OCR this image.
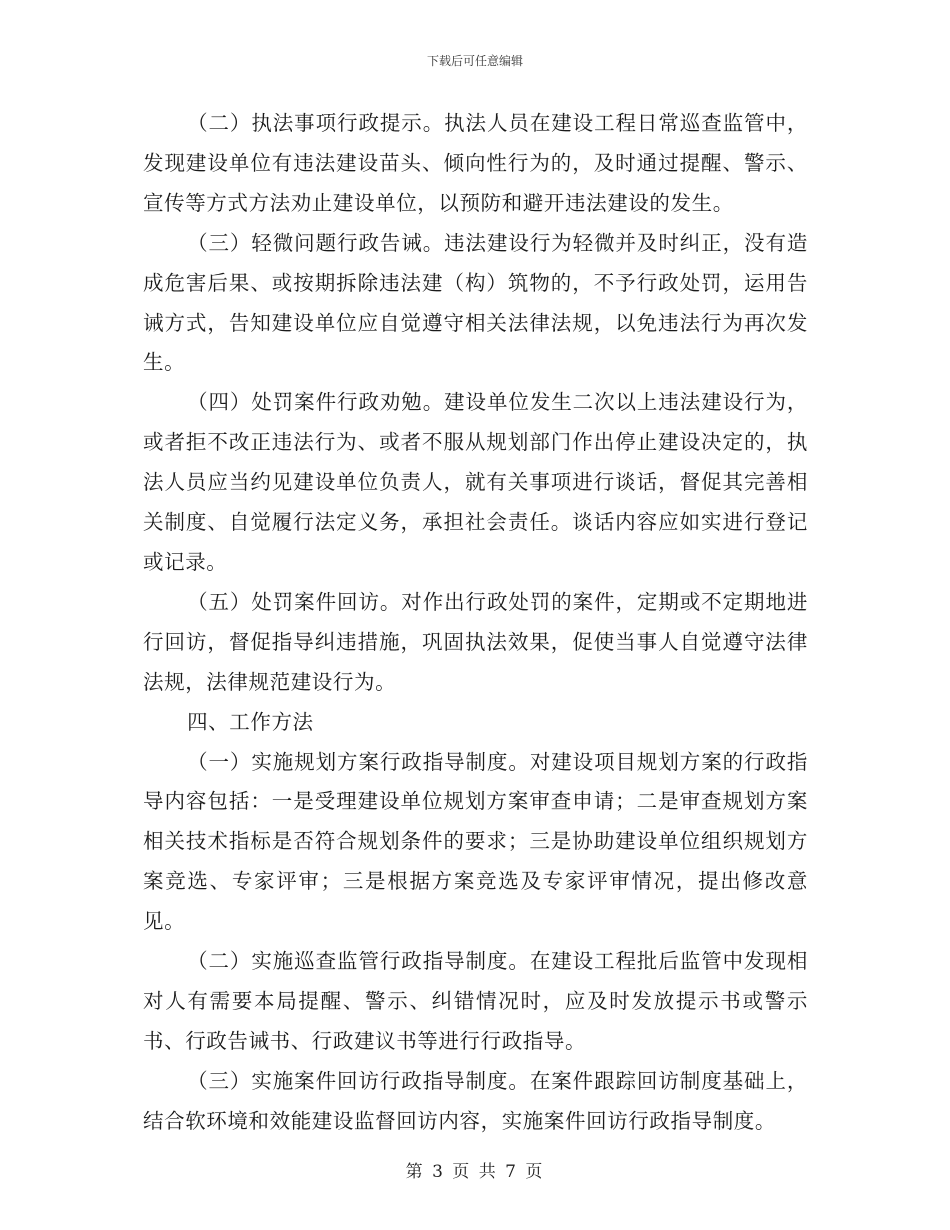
下载后可任意编辑

（二）执法事项行政提示。执法人员在建设工程日常巡查监管中，发现建设单位有违法建设苗头、倾向性行为的，及时通过提醒、警示、宣传等方式方法劝止建设单位，以预防和避开违法建设的发生。

（三）轻微问题行政告诫。违法建设行为轻微并及时纠正，没有造成危害后果、或按期拆除违法建（构）筑物的，不予行政处罚，运用告诫方式，告知建设单位应自觉遵守相关法律法规，以免违法行为再次发生。

（四）处罚案件行政劝勉。建设单位发生二次以上违法建设行为，或者拒不改正违法行为、或者不服从规划部门作出停止建设决定的，执法人员应当约见建设单位负责人，就有关事项进行谈话，督促其完善相关制度、自觉履行法定义务，承担社会责任。谈话内容应如实进行登记或记录。

（五）处罚案件回访。对作出行政处罚的案件，定期或不定期地进行回访，督促指导纠违措施，巩固执法效果，促使当事人自觉遵守法律法规，法律规范建设行为。

四、工作方法

（一）实施规划方案行政指导制度。对建设项目规划方案的行政指导内容包括：一是受理建设单位规划方案审查申请；二是审查规划方案相关技术指标是否符合规划条件的要求；三是协助建设单位组织规划方案竞选、专家评审；三是根据方案竞选及专家评审情况，提出修改意见。

（二）实施巡查监管行政指导制度。在建设工程批后监管中发现相对人有需要本局提醒、警示、纠错情况时，应及时发放提示书或警示书、行政告诫书、行政建议书等进行行政指导。

（三）实施案件回访行政指导制度。在案件跟踪回访制度基础上，结合软环境和效能建设监督回访内容，实施案件回访行政指导制度。

第 3 页 共 7 页
